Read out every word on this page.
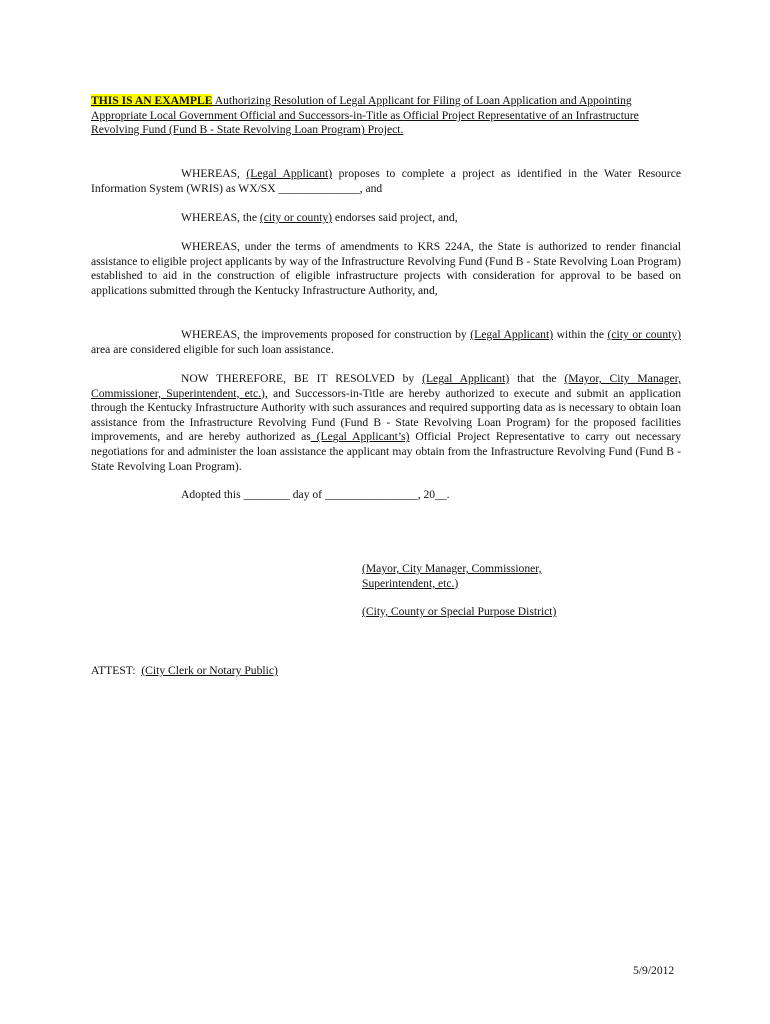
THIS IS AN EXAMPLE Authorizing Resolution of Legal Applicant for Filing of Loan Application and Appointing Appropriate Local Government Official and Successors-in-Title as Official Project Representative of an Infrastructure Revolving Fund (Fund B - State Revolving Loan Program) Project.
WHEREAS, (Legal Applicant) proposes to complete a project as identified in the Water Resource Information System (WRIS) as WX/SX ______________, and
WHEREAS, the (city or county) endorses said project, and,
WHEREAS, under the terms of amendments to KRS 224A, the State is authorized to render financial assistance to eligible project applicants by way of the Infrastructure Revolving Fund (Fund B - State Revolving Loan Program) established to aid in the construction of eligible infrastructure projects with consideration for approval to be based on applications submitted through the Kentucky Infrastructure Authority, and,
WHEREAS, the improvements proposed for construction by (Legal Applicant) within the (city or county) area are considered eligible for such loan assistance.
NOW THEREFORE, BE IT RESOLVED by (Legal Applicant) that the (Mayor, City Manager, Commissioner, Superintendent, etc.), and Successors-in-Title are hereby authorized to execute and submit an application through the Kentucky Infrastructure Authority with such assurances and required supporting data as is necessary to obtain loan assistance from the Infrastructure Revolving Fund (Fund B - State Revolving Loan Program) for the proposed facilities improvements, and are hereby authorized as (Legal Applicant’s) Official Project Representative to carry out necessary negotiations for and administer the loan assistance the applicant may obtain from the Infrastructure Revolving Fund (Fund B - State Revolving Loan Program).
Adopted this ________ day of ________________, 20__.
(Mayor, City Manager, Commissioner, Superintendent, etc.)
(City, County or Special Purpose District)
ATTEST:  (City Clerk or Notary Public)
5/9/2012
